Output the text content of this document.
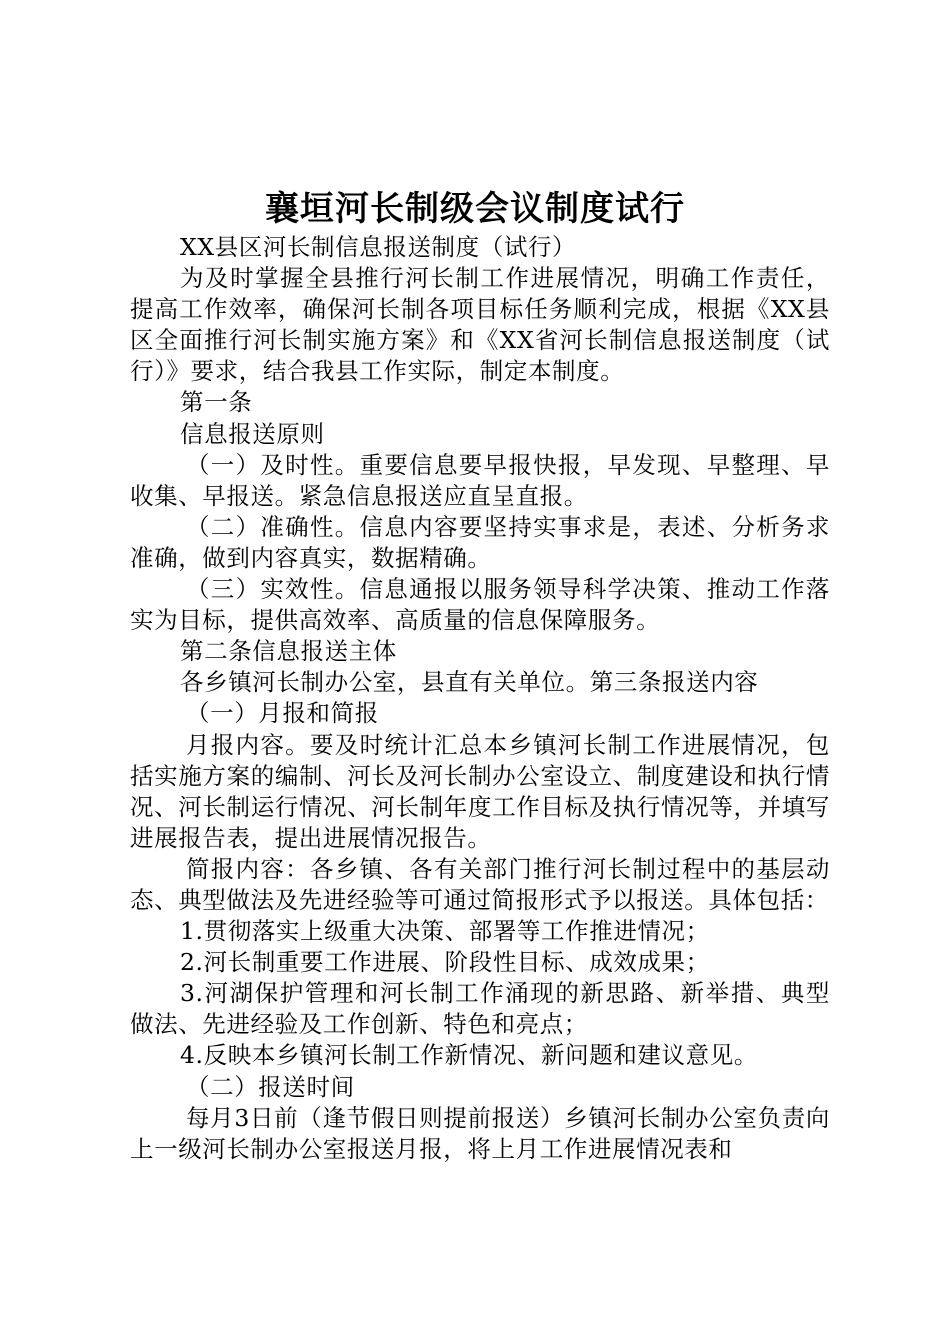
襄垣河长制级会议制度试行

XX县区河长制信息报送制度（试行）

为及时掌握全县推行河长制工作进展情况，明确工作责任，提高工作效率，确保河长制各项目标任务顺利完成，根据《XX县区全面推行河长制实施方案》和《XX省河长制信息报送制度（试行）》要求，结合我县工作实际，制定本制度。

第一条

信息报送原则

（一）及时性。重要信息要早报快报，早发现、早整理、早收集、早报送。紧急信息报送应直呈直报。

（二）准确性。信息内容要坚持实事求是，表述、分析务求准确，做到内容真实，数据精确。

（三）实效性。信息通报以服务领导科学决策、推动工作落实为目标，提供高效率、高质量的信息保障服务。

第二条信息报送主体

各乡镇河长制办公室，县直有关单位。第三条报送内容

（一）月报和简报

月报内容。要及时统计汇总本乡镇河长制工作进展情况，包括实施方案的编制、河长及河长制办公室设立、制度建设和执行情况、河长制运行情况、河长制年度工作目标及执行情况等，并填写进展报告表，提出进展情况报告。

简报内容：各乡镇、各有关部门推行河长制过程中的基层动态、典型做法及先进经验等可通过简报形式予以报送。具体包括：

1.贯彻落实上级重大决策、部署等工作推进情况；

2.河长制重要工作进展、阶段性目标、成效成果；

3.河湖保护管理和河长制工作涌现的新思路、新举措、典型做法、先进经验及工作创新、特色和亮点；

4.反映本乡镇河长制工作新情况、新问题和建议意见。

（二）报送时间

每月3日前（逢节假日则提前报送）乡镇河长制办公室负责向上一级河长制办公室报送月报，将上月工作进展情况表和
